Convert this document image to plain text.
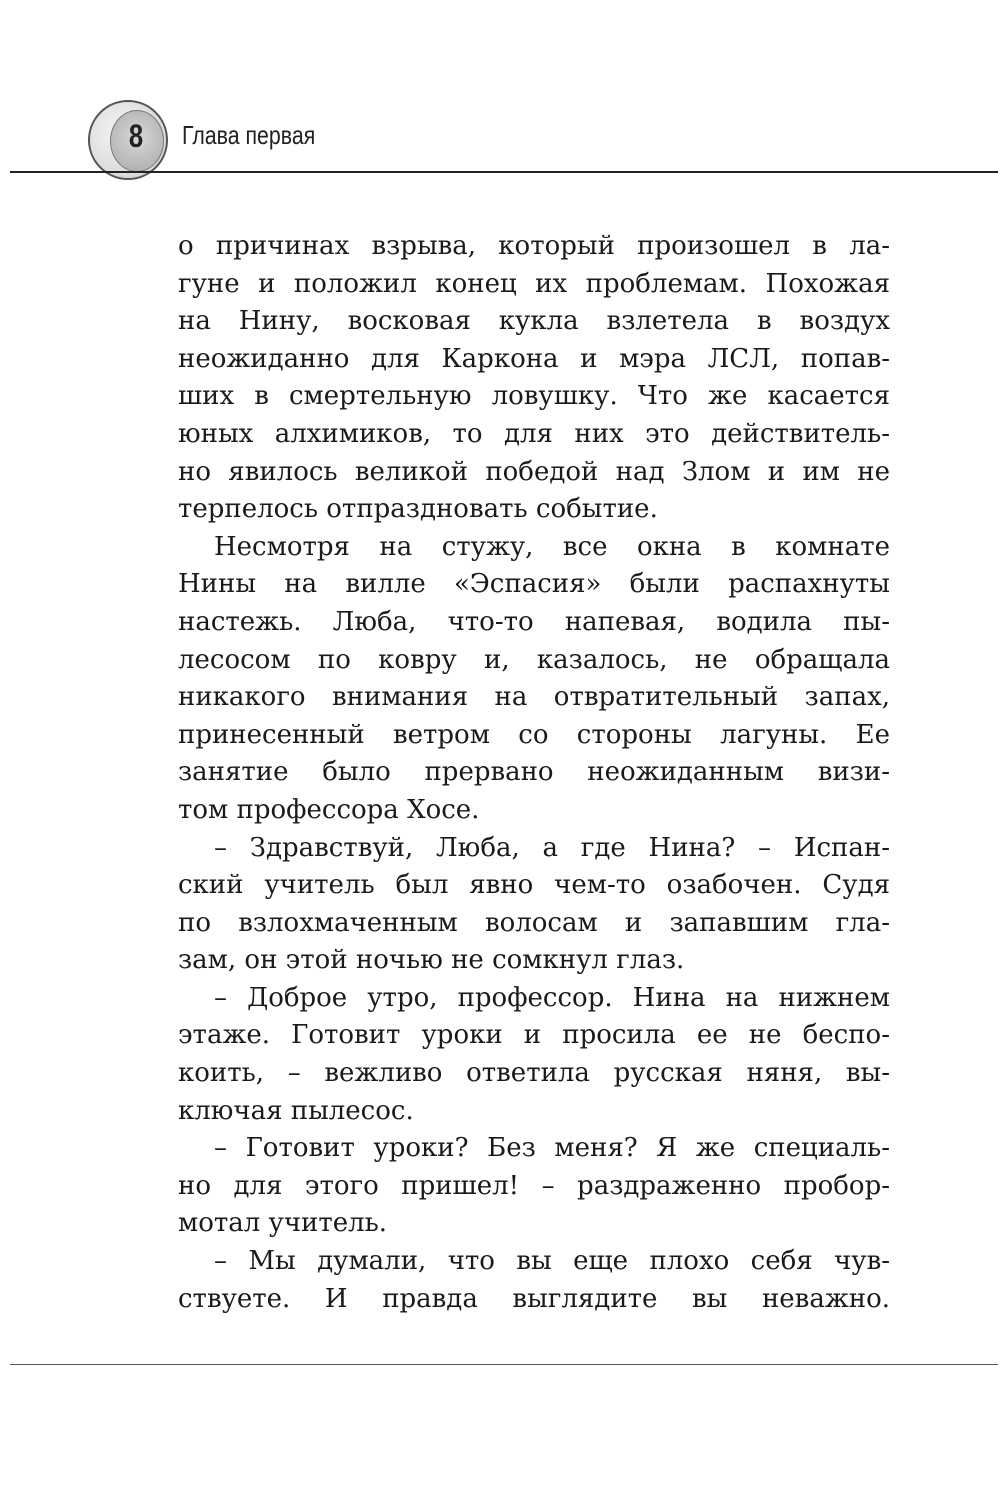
8	Глава первая
о причинах взрыва, который произошел в ла-
гуне и положил конец их проблемам. Похожая
на Нину, восковая кукла взлетела в воздух
неожиданно для Каркона и мэра ЛСЛ, попав-
ших в смертельную ловушку. Что же касается
юных алхимиков, то для них это действитель-
но явилось великой победой над Злом и им не
терпелось отпраздновать событие.
Несмотря на стужу, все окна в комнате
Нины на вилле «Эспасия» были распахнуты
настежь. Люба, что-то напевая, водила пы-
лесосом по ковру и, казалось, не обращала
никакого внимания на отвратительный запах,
принесенный ветром со стороны лагуны. Ее
занятие было прервано неожиданным визи-
том профессора Хосе.
– Здравствуй, Люба, а где Нина? – Испан-
ский учитель был явно чем-то озабочен. Судя
по взлохмаченным волосам и запавшим гла-
зам, он этой ночью не сомкнул глаз.
– Доброе утро, профессор. Нина на нижнем
этаже. Готовит уроки и просила ее не беспо-
коить, – вежливо ответила русская няня, вы-
ключая пылесос.
– Готовит уроки? Без меня? Я же специаль-
но для этого пришел! – раздраженно пробор-
мотал учитель.
– Мы думали, что вы еще плохо себя чув-
ствуете. И правда выглядите вы неважно.
